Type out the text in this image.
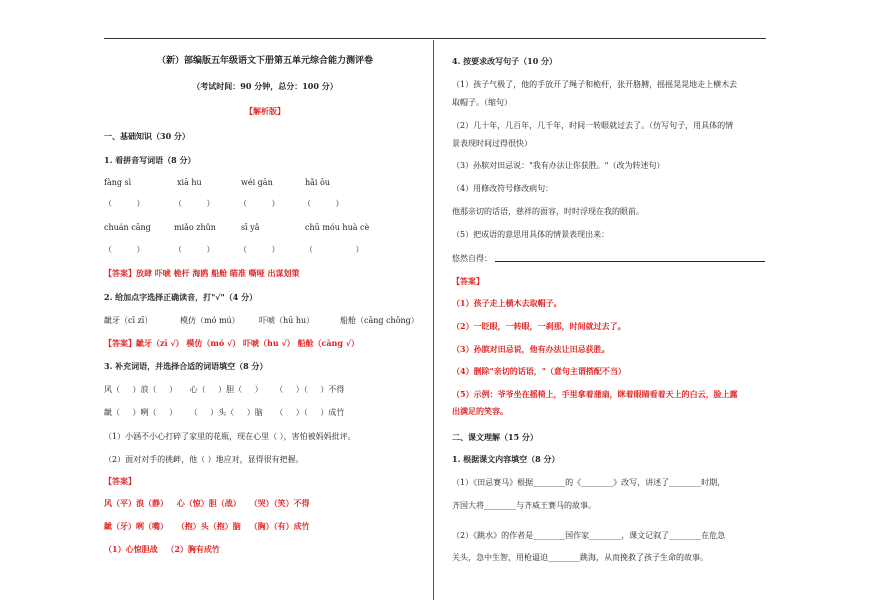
（新）部编版五年级语文下册第五单元综合能力测评卷
（考试时间：90 分钟，总分：100 分）
【解析版】
一、基础知识（30 分）
1. 看拼音写词语（8 分）
fàng sì	xiā hu	wéi gān	hǎi ōu
（ ）	（ ）	（ ）	（ ）
chuán cāng	miǎo zhǔn	sī yǎ	chū móu huà cè
（ ）	（ ）	（ ）	（ ）
【答案】放肆 吓唬 桅杆 海鸥 船舱 瞄准 嘶哑 出谋划策
2. 给加点字选择正确读音，打"√"（4 分）
龇牙（cī zī）	模仿（mó mú） 吓唬（hū hu）	船舱（cāng chōng）
【答案】龇牙（zī √） 模仿（mó √） 吓唬（hu √） 船舱（cāng √）
3. 补充词语，并选择合适的词语填空（8 分）
风（ ）浪（ ） 心（ ）胆（ ） （ ）（ ）不得
龇（ ）咧（ ） （ ）头（ ）脑 （ ）（ ）成竹
（1）小涵不小心打碎了家里的花瓶，现在心里（ ），害怕被妈妈批评。
（2）面对对手的挑衅，他（ ）地应对，显得很有把握。
【答案】
风（平）浪（静） 心（惊）胆（战） （哭）（笑）不得
龇（牙）咧（嘴） （抱）头（抱）脑 （胸）（有）成竹
（1）心惊胆战 （2）胸有成竹
4. 按要求改写句子（10 分）
（1）孩子气极了，他的手放开了绳子和桅杆，张开胳膊，摇摇晃晃地走上横木去
取帽子。（缩句）
（2）几十年，几百年，几千年，时间一转眼就过去了。（仿写句子，用具体的情
景表现时间过得很快）
（3）孙膑对田忌说："我有办法让你获胜。"（改为转述句）
（4）用修改符号修改病句：
他那亲切的话语，慈祥的面容，时时浮现在我的眼前。
（5）把成语的意思用具体的情景表现出来：
悠然自得：
【答案】
（1）孩子走上横木去取帽子。
（2）一眨眼，一转眼，一刹那，时间就过去了。
（3）孙膑对田忌说，他有办法让田忌获胜。
（4）删除"亲切的话语，"（意句主谓搭配不当）
（5）示例：爷爷坐在摇椅上，手里拿着蒲扇，眯着眼睛看着天上的白云，脸上露
出满足的笑容。
二、课文理解（15 分）
1. 根据课文内容填空（8 分）
（1）《田忌赛马》根据________的《________》改写，讲述了________时期，
齐国大将________与齐威王赛马的故事。
（2）《跳水》的作者是________国作家________，课文记叙了________在危急
关头，急中生智，用枪逼迫________跳海，从而挽救了孩子生命的故事。
